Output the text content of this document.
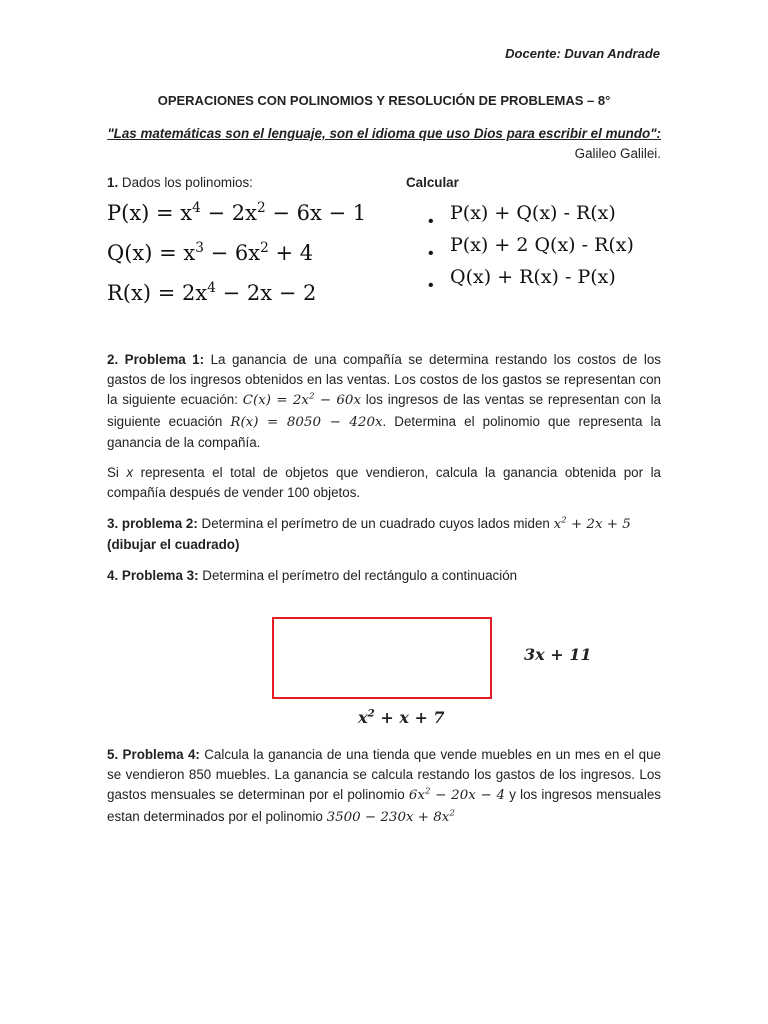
Docente: Duvan Andrade
OPERACIONES CON POLINOMIOS Y RESOLUCIÓN DE PROBLEMAS – 8°
"Las matemáticas son el lenguaje, son el idioma que uso Dios para escribir el mundo":
Galileo Galilei.
1. Dados los polinomios:	Calcular
$P(x) = x^4 - 2x^2 - 6x - 1$
$Q(x) = x^3 - 6x^2 + 4$
$R(x) = 2x^4 - 2x - 2$
• P(x) + Q(x) - R(x)
• P(x) + 2 Q(x) - R(x)
• Q(x) + R(x) - P(x)
2. Problema 1: La ganancia de una compañía se determina restando los costos de los gastos de los ingresos obtenidos en las ventas. Los costos de los gastos se representan con la siguiente ecuación: $C(x) = 2x^2 - 60x$ los ingresos de las ventas se representan con la siguiente ecuación R(x) = 8050 − 420x. Determina el polinomio que representa la ganancia de la compañía.
Si x representa el total de objetos que vendieron, calcula la ganancia obtenida por la compañía después de vender 100 objetos.
3. problema 2: Determina el perímetro de un cuadrado cuyos lados miden $x^2 + 2x + 5$
(dibujar el cuadrado)
4. Problema 3: Determina el perímetro del rectángulo a continuación
3x + 11
$x^2 + x + 7$
5. Problema 4: Calcula la ganancia de una tienda que vende muebles en un mes en el que se vendieron 850 muebles. La ganancia se calcula restando los gastos de los ingresos. Los gastos mensuales se determinan por el polinomio $6x^2 - 20x - 4$ y los ingresos mensuales estan determinados por el polinomio $3500 - 230x + 8x^2$
